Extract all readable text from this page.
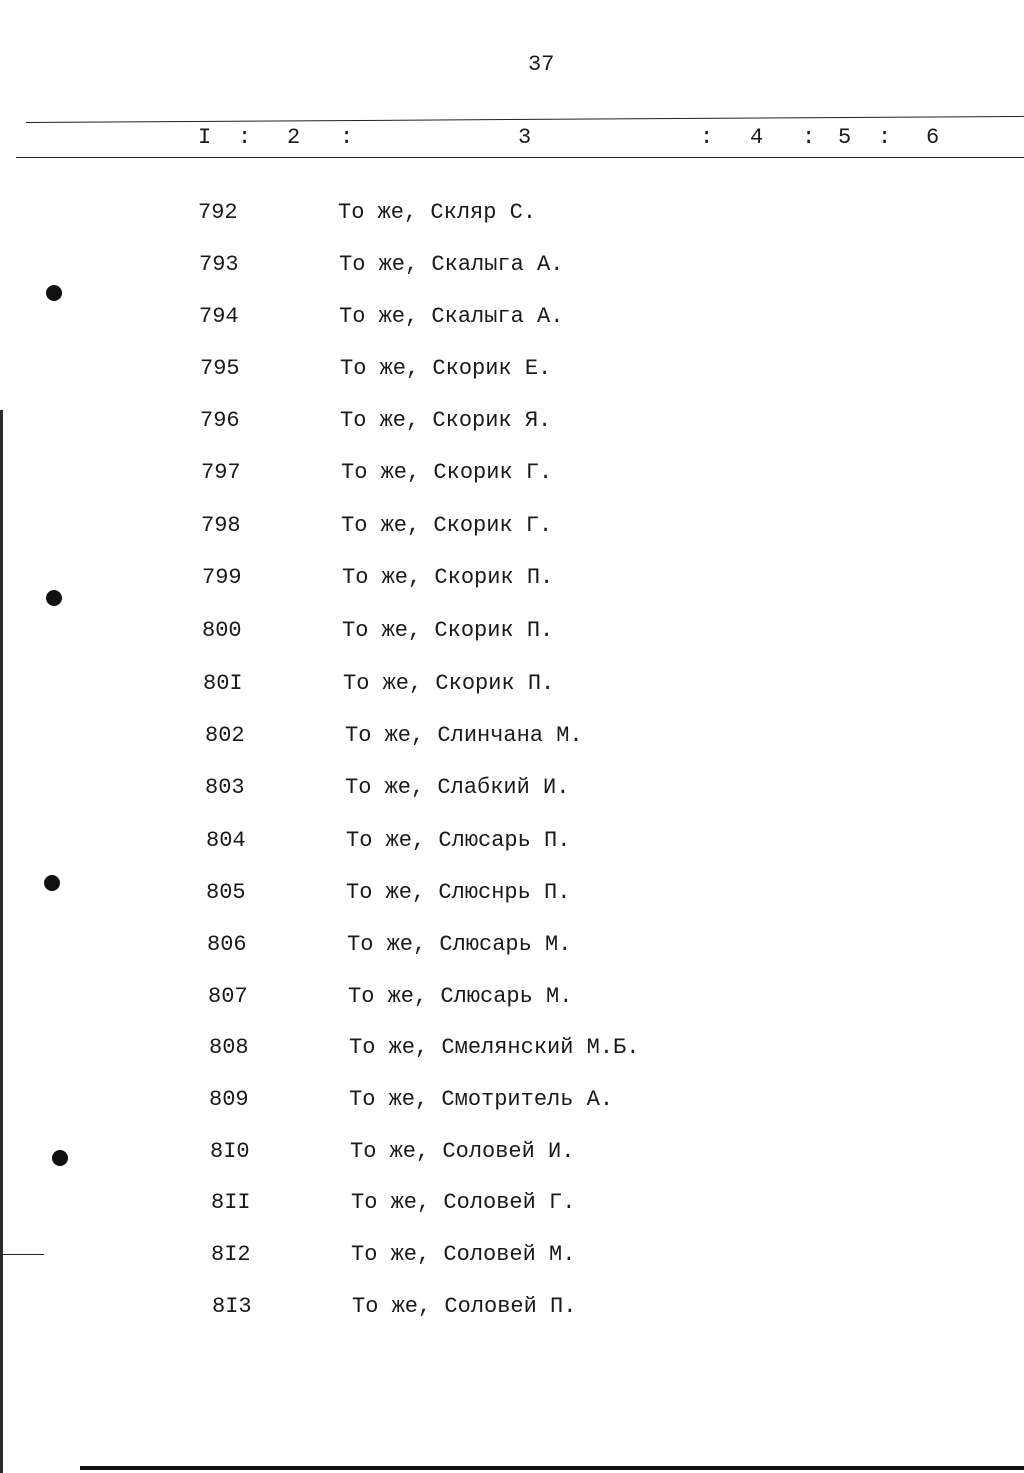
37
I : 2 :	3	: 4 : 5 : 6
792	То же, Скляр С.
793	То же, Скалыга А.
794	То же, Скалыга А.
795	То же, Скорик Е.
796	То же, Скорик Я.
797	То же, Скорик Г.
798	То же, Скорик Г.
799	То же, Скорик П.
800	То же, Скорик П.
80I	То же, Скорик П.
802	То же, Слинчана М.
803	То же, Слабкий И.
804	То же, Слюсарь П.
805	То же, Слюснрь П.
806	То же, Слюсарь М.
807	То же, Слюсарь М.
808	То же, Смелянский М.Б.
809	То же, Смотритель А.
8I0	То же, Соловей И.
8II	То же, Соловей Г.
8I2	То же, Соловей М.
8I3	То же, Соловей П.
